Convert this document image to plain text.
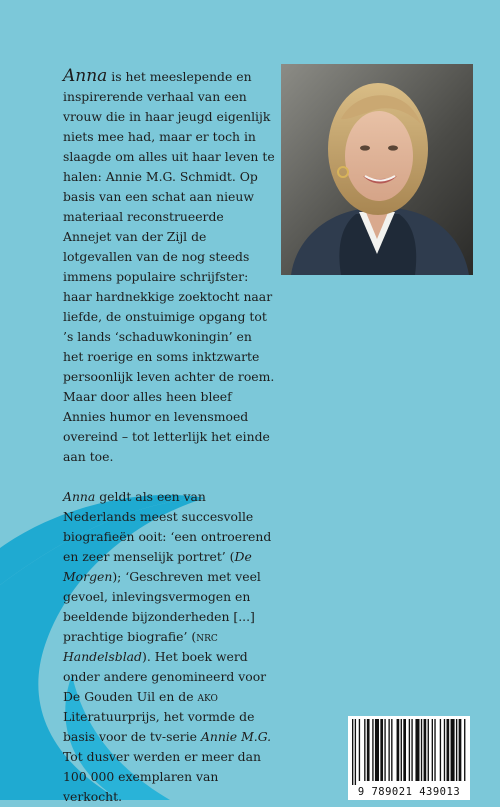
Anna is het meeslepende en inspirerende verhaal van een vrouw die in haar jeugd eigenlijk niets mee had, maar er toch in slaagde om alles uit haar leven te halen: Annie M.G. Schmidt. Op basis van een schat aan nieuw materiaal reconstrueerde Annejet van der Zijl de lotgevallen van de nog steeds immens populaire schrijfster: haar hardnekkige zoektocht naar liefde, de onstuimige opgang tot ’s lands ‘schaduwkoningin’ en het roerige en soms inktzwarte persoonlijk leven achter de roem. Maar door alles heen bleef Annies humor en levensmoed overeind – tot letterlijk het einde aan toe.

Anna geldt als een van Nederlands meest succesvolle biografieën ooit: ‘een ontroerend en zeer menselijk portret’ (De Morgen); ‘Geschreven met veel gevoel, inlevingsvermogen en beeldende bijzonderheden [...] prachtige biografie’ (nrc Handelsblad). Het boek werd onder andere genomineerd voor De Gouden Uil en de ako Literatuurprijs, het vormde de basis voor de tv-serie Annie M.G. Tot dusver werden er meer dan 100 000 exemplaren van verkocht.	9 789021 439013
